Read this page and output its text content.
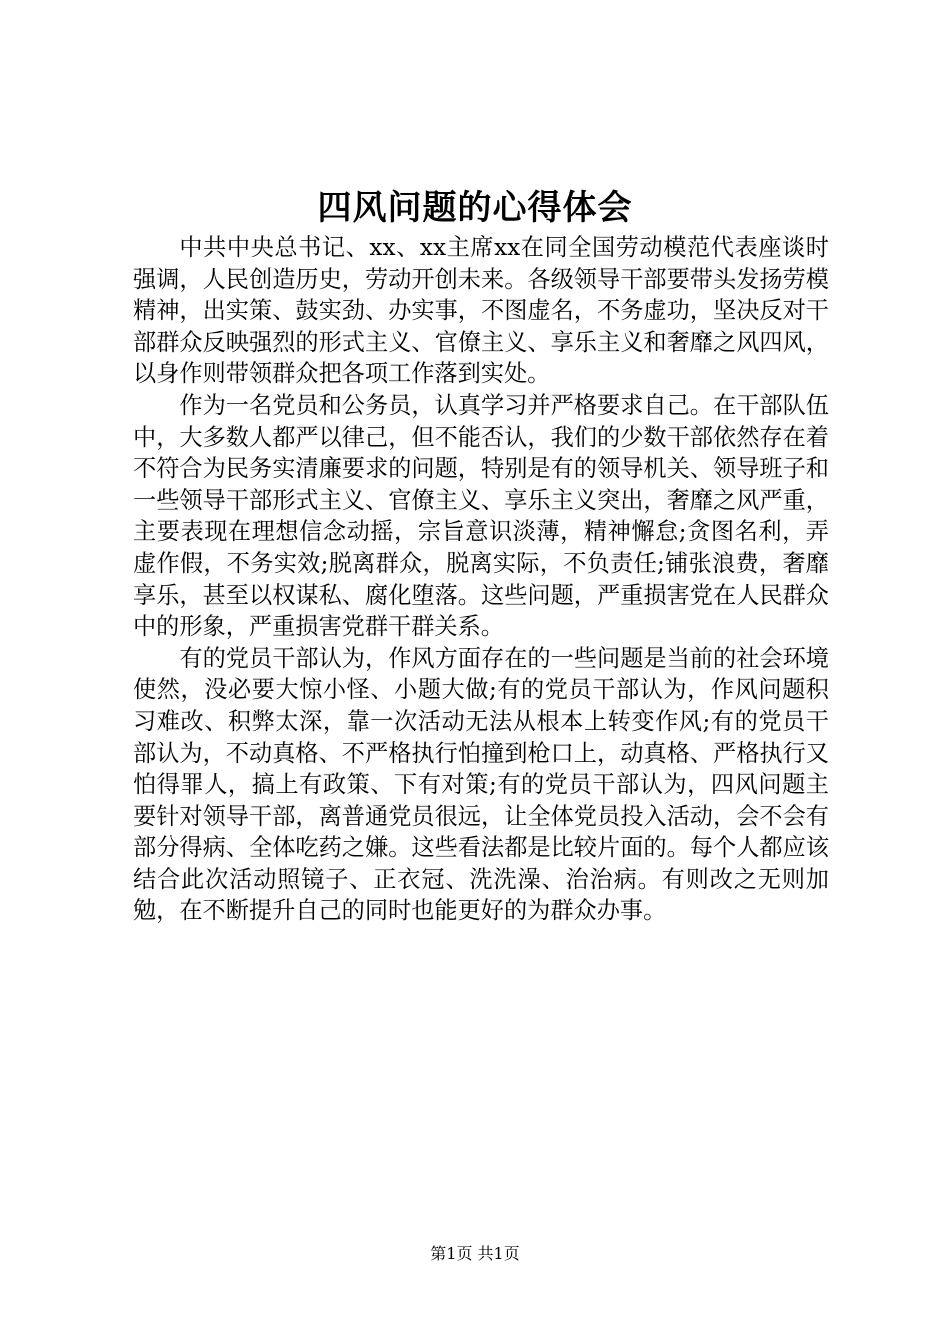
四风问题的心得体会

中共中央总书记、xx、xx主席xx在同全国劳动模范代表座谈时强调，人民创造历史，劳动开创未来。各级领导干部要带头发扬劳模精神，出实策、鼓实劲、办实事，不图虚名，不务虚功，坚决反对干部群众反映强烈的形式主义、官僚主义、享乐主义和奢靡之风四风，以身作则带领群众把各项工作落到实处。

作为一名党员和公务员，认真学习并严格要求自己。在干部队伍中，大多数人都严以律己，但不能否认，我们的少数干部依然存在着不符合为民务实清廉要求的问题，特别是有的领导机关、领导班子和一些领导干部形式主义、官僚主义、享乐主义突出，奢靡之风严重，主要表现在理想信念动摇，宗旨意识淡薄，精神懈怠;贪图名利，弄虚作假，不务实效;脱离群众，脱离实际，不负责任;铺张浪费，奢靡享乐，甚至以权谋私、腐化堕落。这些问题，严重损害党在人民群众中的形象，严重损害党群干群关系。

有的党员干部认为，作风方面存在的一些问题是当前的社会环境使然，没必要大惊小怪、小题大做;有的党员干部认为，作风问题积习难改、积弊太深，靠一次活动无法从根本上转变作风;有的党员干部认为，不动真格、不严格执行怕撞到枪口上，动真格、严格执行又怕得罪人，搞上有政策、下有对策;有的党员干部认为，四风问题主要针对领导干部，离普通党员很远，让全体党员投入活动，会不会有部分得病、全体吃药之嫌。这些看法都是比较片面的。每个人都应该结合此次活动照镜子、正衣冠、洗洗澡、治治病。有则改之无则加勉，在不断提升自己的同时也能更好的为群众办事。

第1页 共1页
